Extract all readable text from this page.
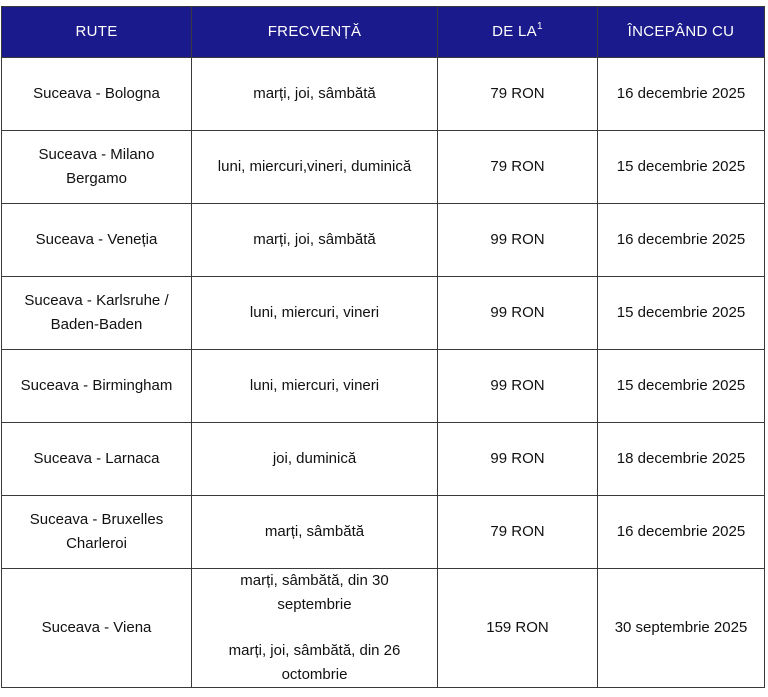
RUTE	FRECVENȚĂ	DE $LA^1$	ÎNCEPÂND CU
Suceava - Bologna	marți, joi, sâmbătă	79 RON	16 decembrie 2025
Suceava - Milano
Bergamo	luni, miercuri,vineri, duminică	79 RON	15 decembrie 2025
Suceava - Veneția	marți, joi, sâmbătă	99 RON	16 decembrie 2025
Suceava - Karlsruhe /
Baden-Baden	luni, miercuri, vineri	99 RON	15 decembrie 2025
Suceava - Birmingham	luni, miercuri, vineri	99 RON	15 decembrie 2025
Suceava - Larnaca	joi, duminică	99 RON	18 decembrie 2025
Suceava - Bruxelles
Charleroi	marți, sâmbătă	79 RON	16 decembrie 2025
Suceava - Viena	marți, sâmbătă, din 30
septembrie
marți, joi, sâmbătă, din 26
octombrie	159 RON	30 septembrie 2025
